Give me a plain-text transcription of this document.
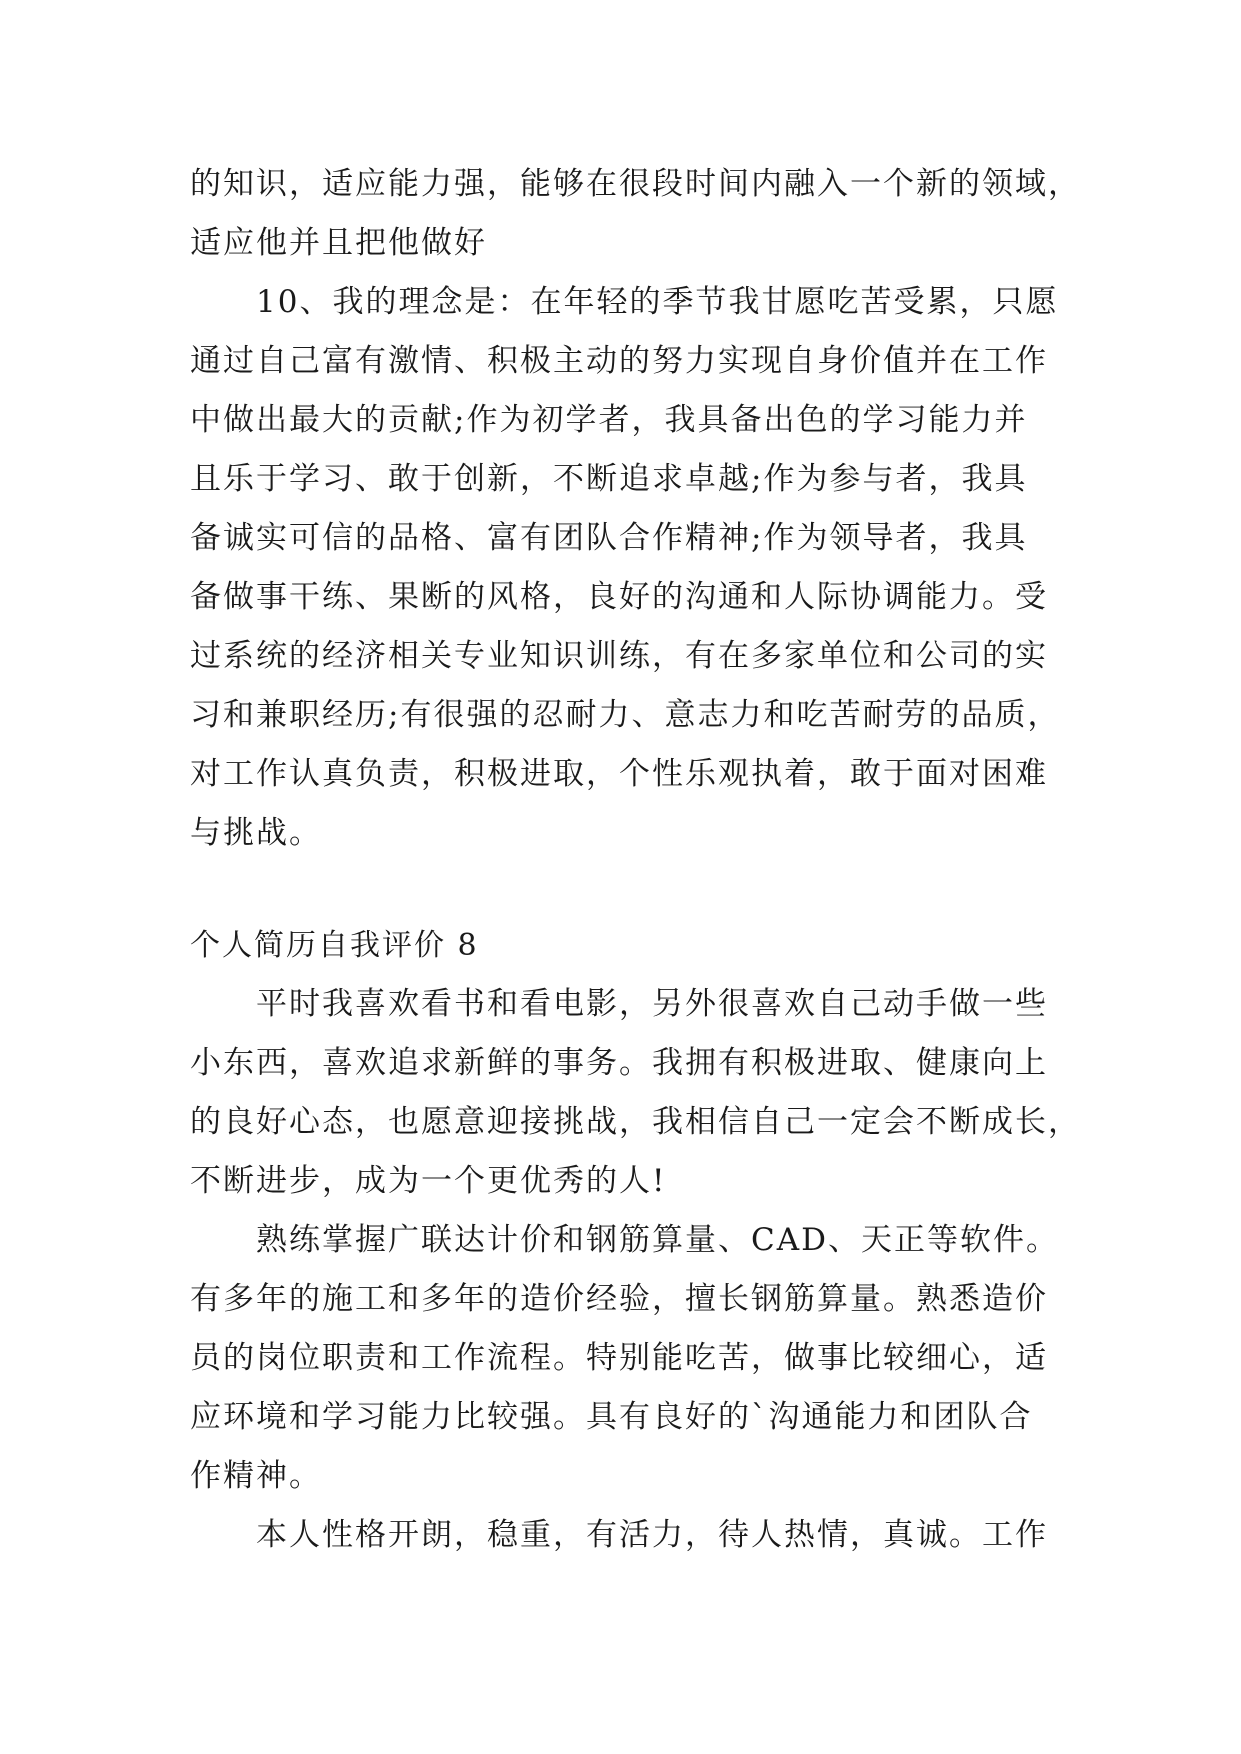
的知识，适应能力强，能够在很段时间内融入一个新的领域，
适应他并且把他做好
　　10、我的理念是：在年轻的季节我甘愿吃苦受累，只愿
通过自己富有激情、积极主动的努力实现自身价值并在工作
中做出最大的贡献;作为初学者，我具备出色的学习能力并
且乐于学习、敢于创新，不断追求卓越;作为参与者，我具
备诚实可信的品格、富有团队合作精神;作为领导者，我具
备做事干练、果断的风格，良好的沟通和人际协调能力。受
过系统的经济相关专业知识训练，有在多家单位和公司的实
习和兼职经历;有很强的忍耐力、意志力和吃苦耐劳的品质，
对工作认真负责，积极进取，个性乐观执着，敢于面对困难
与挑战。
个人简历自我评价 8
　　平时我喜欢看书和看电影，另外很喜欢自己动手做一些
小东西，喜欢追求新鲜的事务。我拥有积极进取、健康向上
的良好心态，也愿意迎接挑战，我相信自己一定会不断成长，
不断进步，成为一个更优秀的人!
　　熟练掌握广联达计价和钢筋算量、CAD、天正等软件。
有多年的施工和多年的造价经验，擅长钢筋算量。熟悉造价
员的岗位职责和工作流程。特别能吃苦，做事比较细心，适
应环境和学习能力比较强。具有良好的`沟通能力和团队合
作精神。
　　本人性格开朗，稳重，有活力，待人热情，真诚。工作
